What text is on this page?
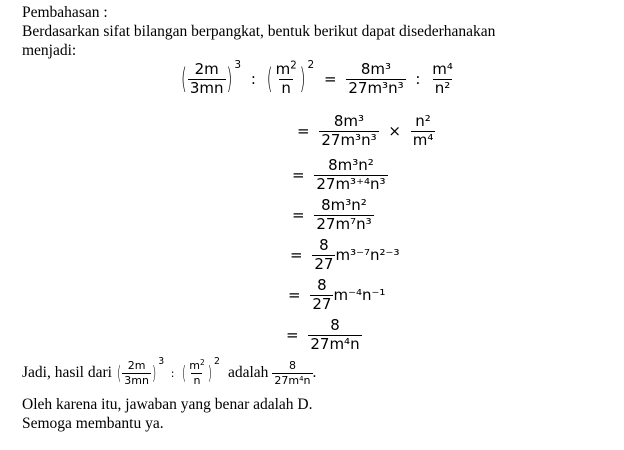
Pembahasan :
Berdasarkan sifat bilangan berpangkat, bentuk berikut dapat disederhanakan
menjadi:
( $\frac{2m}{3mn}$ ) $^3$ : ( $\frac{m^2}{n}$ ) $^2 = \frac{\text{8m³}}{\text{27m³n³}}$ : $\frac{\text{m⁴}}{\text{n²}}$
= $\frac{\text{8m³}}{\text{27m³n³}} \times \frac{\text{n²}}{\text{m⁴}}$
= $\frac{\text{8m³n²}}{\text{27m³⁺⁴n³}}$
= $\frac{\text{8m³n²}}{\text{27m⁷n³}}$
= $\frac{8}{27} m^{3-7}n^{2-3}$
= $\frac{8}{27} m^{-4}n^{-1}$
= $\frac{8}{\text{27m⁴n}}$
Jadi, hasil dari ( $\frac{2m}{3mn} )^3$ : ( $\frac{m^2}{n} )^2$
adalah $\frac{8}{\text{27m⁴n}}$ .
Oleh karena itu, jawaban yang benar adalah D.
Semoga membantu ya.
